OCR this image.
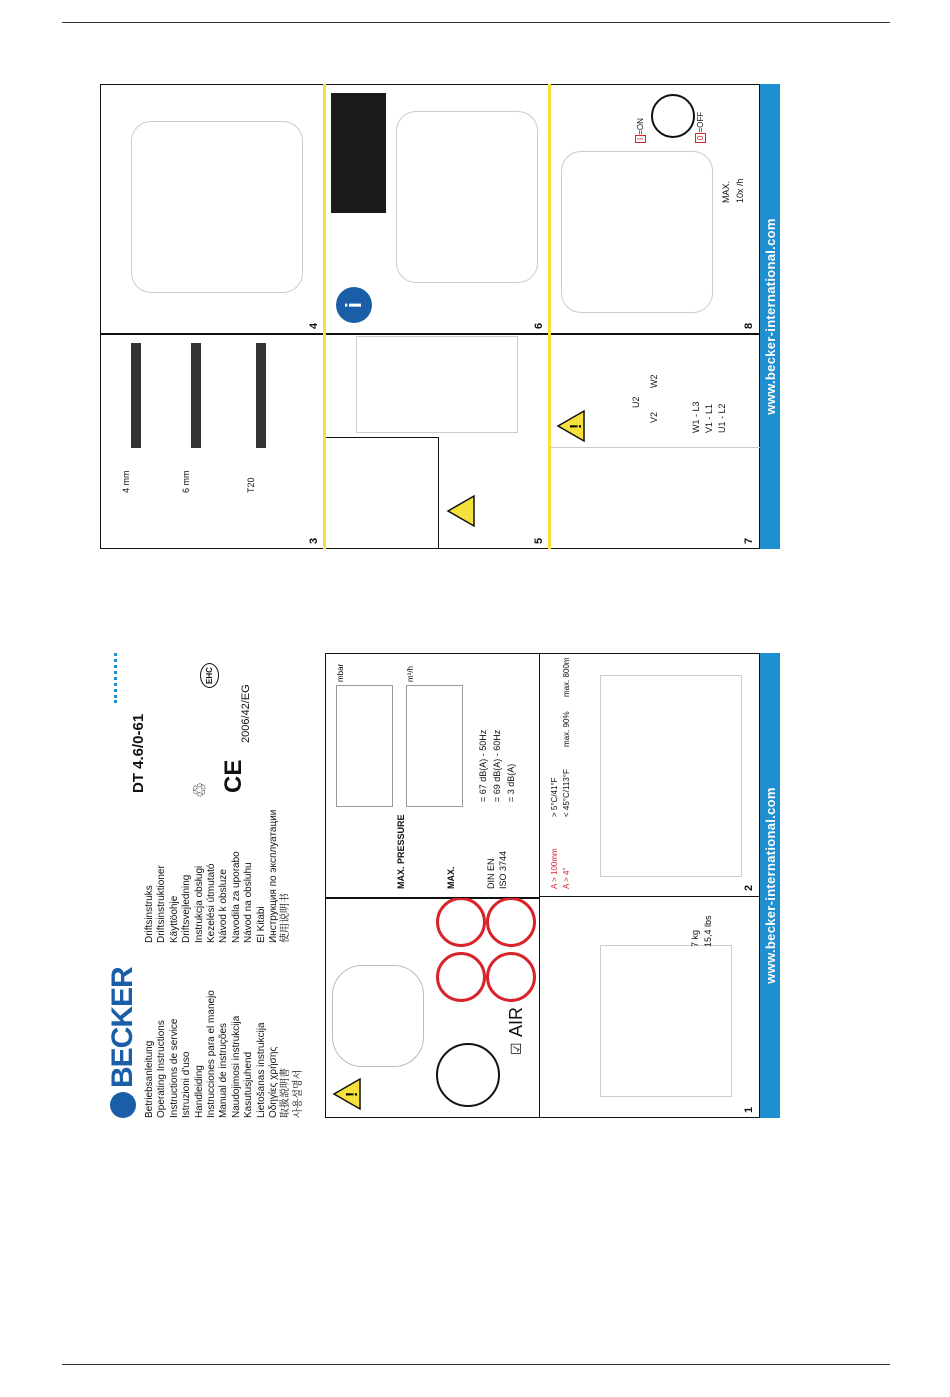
BECKER Betriebsanleitung Operating Instructions Instructions de service Istruzioni d'uso Handleiding Instrucciones para el manejo Manual de instruções Naudojimosi instrukcija Kasutusjuhend Lietošanas instrukcija Οδηγίες χρήσης 取扱説明書 사용설명서
Driftsinstruks Driftsinstruktioner Käyttöohje Driftsvejledning Instrukcja obsługi Kezelési útmutató Návod k obsluze Navodila za uporabo Návod na obsluhu El Kitabi Инструкция по эксплуатации 使用说明书
DT 4.6/0-61	CE
2006/42/EG
♲
EHC
!
AIR
☑
MAX. PRESSURE	MAX.
mbar	m³/h
DIN EN ISO 3744
= 67 dB(A) - 50Hz = 69 dB(A) - 60Hz = 3 dB(A)
1
7 kg 15,4 lbs
A > 100mm A > 4"
> 5°C/41°F < 45°C/113°F
max. 90%
max. 800m
2 www.becker-international.com
3
4 mm	6 mm	T20
4
5
6
i
7
!
U2
V2
W2
W1 - L3 V1 - L1 U1 - L2
8
MAX. 10x /h
I=ON
0=OFF
www.becker-international.com
